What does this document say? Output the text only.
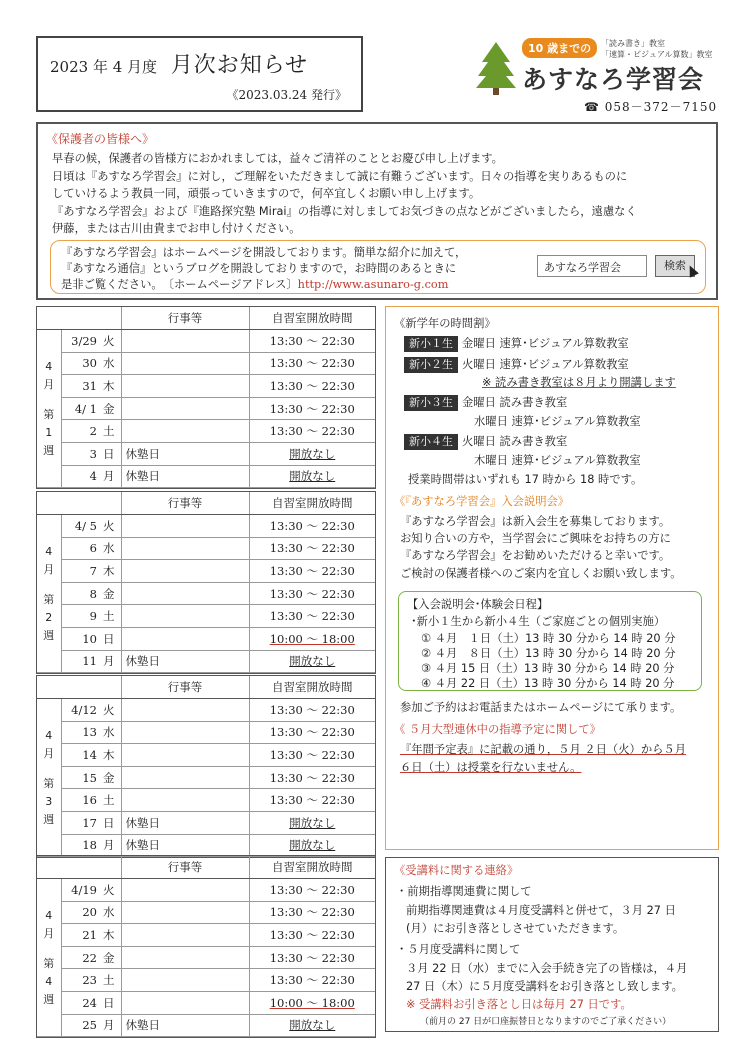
2023 年 4 月度 月次お知らせ
《2023.03.24 発行》
10 歳までの	「読み書き」教室
「速算・ビジュアル算数」教室
あすなろ学習会
☎ 058－372－7150
《保護者の皆様へ》

早春の候，保護者の皆様方におかれましては，益々ご清祥のこととお慶び申し上げます。

日頃は『あすなろ学習会』に対し，ご理解をいただきまして誠に有難うございます。日々の指導を実りあるものに

していけるよう教員一同，頑張っていきますので，何卒宜しくお願い申し上げます。

『あすなろ学習会』および『進路探究塾 Mirai』の指導に対しましてお気づきの点などがございましたら，遠慮なく

伊藤，または古川由貴までお申し付けください。

『あすなろ学習会』はホームページを開設しております。簡単な紹介に加えて，
『あすなろ通信』というブログを開設しておりますので，お時間のあるときに
是非ご覧ください。　〔ホームページアドレス〕http://www.asunaro-g.com
あすなろ学習会	検索
			行事等	自習室開放時間

4
月
第
1
週	3/29	火		13:30 ～ 22:30
	30	水		13:30 ～ 22:30
	31	木		13:30 ～ 22:30
	4/ 1	金		13:30 ～ 22:30
	2	土		13:30 ～ 22:30
	3	日	休塾日	開放なし
	4	月	休塾日	開放なし
			行事等	自習室開放時間

4
月
第
2
週	4/ 5	火		13:30 ～ 22:30
	6	水		13:30 ～ 22:30
	7	木		13:30 ～ 22:30
	8	金		13:30 ～ 22:30
	9	土		13:30 ～ 22:30
	10	日		10:00 ～ 18:00
	11	月	休塾日	開放なし
			行事等	自習室開放時間

4
月
第
3
週	4/12	火		13:30 ～ 22:30
	13	水		13:30 ～ 22:30
	14	木		13:30 ～ 22:30
	15	金		13:30 ～ 22:30
	16	土		13:30 ～ 22:30
	17	日	休塾日	開放なし
	18	月	休塾日	開放なし
			行事等	自習室開放時間

4
月
第
4
週	4/19	火		13:30 ～ 22:30
	20	水		13:30 ～ 22:30
	21	木		13:30 ～ 22:30
	22	金		13:30 ～ 22:30
	23	土		13:30 ～ 22:30
	24	日		10:00 ～ 18:00
	25	月	休塾日	開放なし
《新学年の時間割》
新小１生 金曜日 速算･ビジュアル算数教室
新小２生 火曜日 速算･ビジュアル算数教室
※ 読み書き教室は８月より開講します
新小３生 金曜日 読み書き教室
水曜日 速算･ビジュアル算数教室
新小４生 火曜日 読み書き教室
木曜日 速算･ビジュアル算数教室
授業時間帯はいずれも 17 時から 18 時です。
《『あすなろ学習会』入会説明会》
『あすなろ学習会』は新入会生を募集しております。
お知り合いの方や，当学習会にご興味をお持ちの方に
『あすなろ学習会』をお勧めいただけると幸いです。
ご検討の保護者様へのご案内を宜しくお願い致します。
【入会説明会･体験会日程】
･新小１生から新小４生（ご家庭ごとの個別実施）
① ４月　１日（土）13 時 30 分から 14 時 20 分
② ４月　８日（土）13 時 30 分から 14 時 20 分
③ ４月 15 日（土）13 時 30 分から 14 時 20 分
④ ４月 22 日（土）13 時 30 分から 14 時 20 分
参加ご予約はお電話またはホームページにて承ります。
《 ５月大型連休中の指導予定に関して》
『年間予定表』に記載の通り，５月 ２日（火）から５月
６日（土）は授業を行ないません。
《受講料に関する連絡》
・前期指導関連費に関して
前期指導関連費は４月度受講料と併せて，３月 27 日
(月）にお引き落としさせていただきます。
・５月度受講料に関して
３月 22 日（水）までに入会手続き完了の皆様は，４月
27 日（木）に５月度受講料をお引き落とし致します。
※ 受講料お引き落とし日は毎月 27 日です。
（前月の 27 日が口座振替日となりますのでご了承ください）
